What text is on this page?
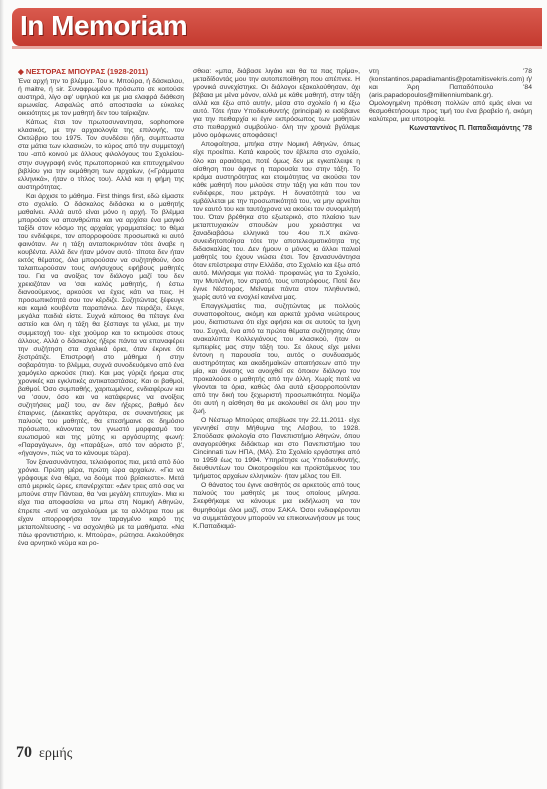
In Memoriam
◆ ΝΕΣΤΟΡΑΣ ΜΠΟΥΡΑΣ (1928-2011)

Ένα αρχή την το βλέμμα. Του κ. Μπούρα, ή δάσκαλου, ή maitre, ή sir. Συναφρωμένο πρόσωπο σε κοιτούσε αυστηρά, λίγο αφ' υψηλού και με μια ελαφρά διάθεση ειρωνείας. Ασφαλώς από αποστασία ω εύκολες οικειότητες με τον μαθητή δεν του ταίριαζαν.

Κάπως έτσι τον πρωτοσυναντησα, sophomore κλασικός, με την αρχαιολογία της επιλογής, τον Οκτώβριο του 1975. Τον συνδέσει ήδη, συμπτωστα στα μάτια των κλασικών, το κύρος από την συμμετοχή του -από κοινού με άλλους φιλολόγους του Σχολείου- στην συγγραφή ενός πρωτοπορικού και επιτυχημένου βιβλίου για την εκμάθηση των αρχαίων, («Γράμματα ελληνικά», ήταν ο τίτλος του). Αλλά και η φήμη της αυστηρότητας.

Και άρχισε το μάθημα. First things first, εδώ είμαστε στο σχολείο. Ο δάσκαλος διδάσκει κι ο μαθητής μαθαίνει. Αλλά αυτό είναι μόνο η αρχή. Το βλέμμα μπορούσε να απανθρώπει και να αρχίσει ένα μαγικό ταξίδι στον κόσμο της αρχαίας γραμματείας: το θέμα του ενδιέφερε, τον απορροφούσε προσωπικά κι αυτό φαινόταν. Αν η τάξη ανταποκρινόταν τότε άναβε η κουβέντα. Αλλά δεν ήταν μόνον αυτό· τίποτα δεν ήταν εκτός θέματος, όλα μπορούσαν να συζητηθούν, όσο ταλαιπωρούσαν τους ανήσυχους εφήβους μαθητές του. Για να ανοίξεις τον διάλογο μαζί του δεν χρειαζόταν να 'σαι καλός μαθητής, ή έστω διανοούμενος, αρκούσε να έχεις κάτι να πεις. Η προσωπικότητά σου τον κέρδιζε. Συζητώντας ξέφευγε και καμιά κουβέντα παραπάνω. Δεν πειράζει, έλεγε, μεγάλα παιδιά είστε. Συχνά κάποιος θα πέταγε ένα αστείο και όλη η τάξη θα ξέσπαγε τα γέλια, με την συμμετοχή του· είχε χιούμορ και το εκτιμούσε στους άλλους. Αλλά ο δάσκαλος ήξερε πάντα να επαναφέρει την συζήτηση στα σχολικά όρια, όταν έκρινε ότι ξεστράτιζε. Επιστροφή στο μάθημα ή στην σοβαρότητα· το βλέμμα, συχνά συνοδευόμενο από ένα χαμόγελο αρκούσε (πια). Και μας γύριζε ήρεμα στις χρονικές και εγκλιτικές αντικαταστάσεις. Και οι βαθμοί, βαθμοί. Όσο συμπαθής, χαριτωμένος, ενδιαφέρων και να 'σουν, όσο και να κατάφερνες να ανοίξεις συζητήσεις μαζί του, αν δεν ήξερες, βαθμό δεν έπαιρνες. (Δεκαετίες αργότερα, σε συναντήσεις με παλιούς του μαθητές, θα επεσήμαινε σε δημόσιο πρόσωπο, κάνοντας τον γνωστό μορφασμό του ευωτισμού και της μύτης κι αργόσυρτης φωνή: «Παραγάγων», όχι «παράξω», από τον αόριστο β', «ήγαγον», πώς να το κάνουμε τώρα).

Τον ξανασυνάντησα, τελειόφοιτος πια, μετά από δύο χρόνια. Πρώτη μέρα, πρώτη ώρα αρχαίων. «Για να γράφουμε ένα θέμα, να δούμε πού βρίσκεστε». Μετά από μερικές ώρες, επανέρχεται: «Δεν τρεις από σας να μπούνε στην Πάντεια, θα 'ναι μεγάλη επιτυχία». Μια κι είχα πια αποφασίσει να μπω στη Νομική Αθηνών, έπρεπε -αντί να ασχολούμαι με τα αλλότρια που με είχαν απορροφήσει τον ταραγμένο καιρό της μεταπολίτευσης - να ασχοληθώ με τα μαθήματα. «Να πάω φροντιστήριο, κ. Μπούρα», ρώτησα. Ακολούθησε ένα αρνητικό νεύμα και ρο-

σθεια: «μπα, διάβασε λιγάκι και θα τα πας πρίμα», μεταδίδοντάς μου την αυτοπεποίθηση που απέπνεε. Η γρονικά συνεχίστηκε. Οι διάλογοι εξακολούθησαν, όχι βέβαια με μένα μόνον, αλλά με κάθε μαθητή, στην τάξη αλλά και έξω από αυτήν, μέσα στο σχολείο ή κι έξω αυτό. Τότε ήταν Υποδιευθυντής (principal) κι εισέβαινε για την πειθαρχία κι έγιν εκπρόσωπος των μαθητών στο πειθαρχικό συμβούλιο· όλη την χρονιά βγάλαμε μόνο ομόφωνες αποφάσεις!

Αποφοίτησα, μπήκα στην Νομική Αθηνών, όπως είχε προείπει. Κατά καιρούς τον έβλεπα στο σχολείο, όλο και αραιότερα, ποτέ όμως δεν με εγκατέλειψε η αίσθηση που άφηνε η παρουσία του στην τάξη. Το κράμα αυστηρότητας και ετοιμότητας να ακούσει τον κάθε μαθητή που μιλούσε στην τάξη για κάτι που τον ενδιέφερε, που μετράγε. Η δυνατότητά του να εμβάλλεται με την προσωπικότητά του, να μην αρνείται τον εαυτό του και ταυτόχρονα να ακούει τον συνομιλητή του. Όταν βρέθηκα στο εξωτερικό, στο πλαίσιο των μεταπτυχιακών σπουδών μου χρειάστηκε να ξαναδιαβάσω ελληνικά του 4ου π.Χ αιώνα· συνειδητοποίησα τότε την αποτελεσματικότητα της διδασκαλίας του. Δεν ήμουν ο μόνος κι άλλοι παλιοί μαθητές του έχουν νιώσει έτσι. Τον ξανασυνάντησα όταν επέστρεψα στην Ελλάδα, στο Σχολείο και έξω από αυτό. Μιλήσαμε για πολλά· προφανώς για το Σχολείο, την Μυτιλήνη, τον στρατό, τους υποτρόφους. Ποτέ δεν έγινε Νέστορας. Μείναμε πάντα στον πληθυντικό, χωρίς αυτό να ενοχλεί κανένα μας.

Επαγγελματίες πια, συζητώντας με πολλούς συναποφοίτους, ακόμη και αρκετά χρόνια νεώτερους μου, διαπιστωνα ότι είχε αφήσει και σε αυτούς τα ίχνη του. Συχνά, ένα από τα πρώτα θέματα συζήτησης όταν ανακαλύπτα Κολλεγιάνους του κλασικού, ήταν οι εμπειρίες μας στην τάξη του. Σε όλους είχε μείνει έντονη η παρουσία του, αυτός ο συνδυασμός αυστηρότητας και ακαδημαϊκών απαιτήσεων από την μία, και άνεσης να ανοιχθεί σε όποιον διάλογο τον προκαλούσε ο μαθητής από την άλλη. Χωρίς ποτέ να γίνονται τα όρια, καθώς όλα αυτά εξισορροπούνταν από την δική του ξεχωριστή προσωπικότητα. Νομίζω ότι αυτή η αίσθηση θα με ακολουθεί σε όλη μου την ζωή.

Ο Νέστωρ Μπούρας απεβίωσε την 22.11.2011· είχε γεννηθεί στην Μήθυμνα της Λέσβου, το 1928. Σπούδασε φιλολογία στο Πανεπιστήμιο Αθηνών, όπου αναγορεύθηκε διδάκτωρ και στο Πανεπιστήμιο του Cincinnati των ΗΠΑ, (ΜΑ). Στο Σχολείο εργάστηκε από το 1959 έως το 1994. Υπηρέτησε ως Υποδιευθυντής, διευθυντέων του Οικοτροφείου και προϊστάμενος του τμήματος αρχαίων ελληνικών· ήταν μέλος του ΕΙΙ.

Ο θάνατος του έγινε αισθητός σε αρκετούς από τους παλιούς του μαθητές με τους οποίους μίλησα. Σκεφθήκαμε να κάνουμε μια εκδήλωση να τον θυμηθούμε όλοι μαζί, στον ΣΑΚΑ. Όσοι ενδιαφέρονται να συμμετάσχουν μπορούν να επικοινωνήσουν με τους Κ.Παπαδιαμά-

ντη '78 (konstantinos.papadiamantis@potamitisvekris.com) ή/και Άρη Παπαδόπουλο '84 (aris.papadopoulos@millenniumbank.gr). Ομολογημένη πρόθεση πολλών από εμάς είναι να θεσμοθετήσουμε προς τιμή του ένα βραβείο ή, ακόμη καλύτερα, μια υποτροφία.

Κωνσταντίνος Π. Παπαδιαμάντης '78
70 ερμής
